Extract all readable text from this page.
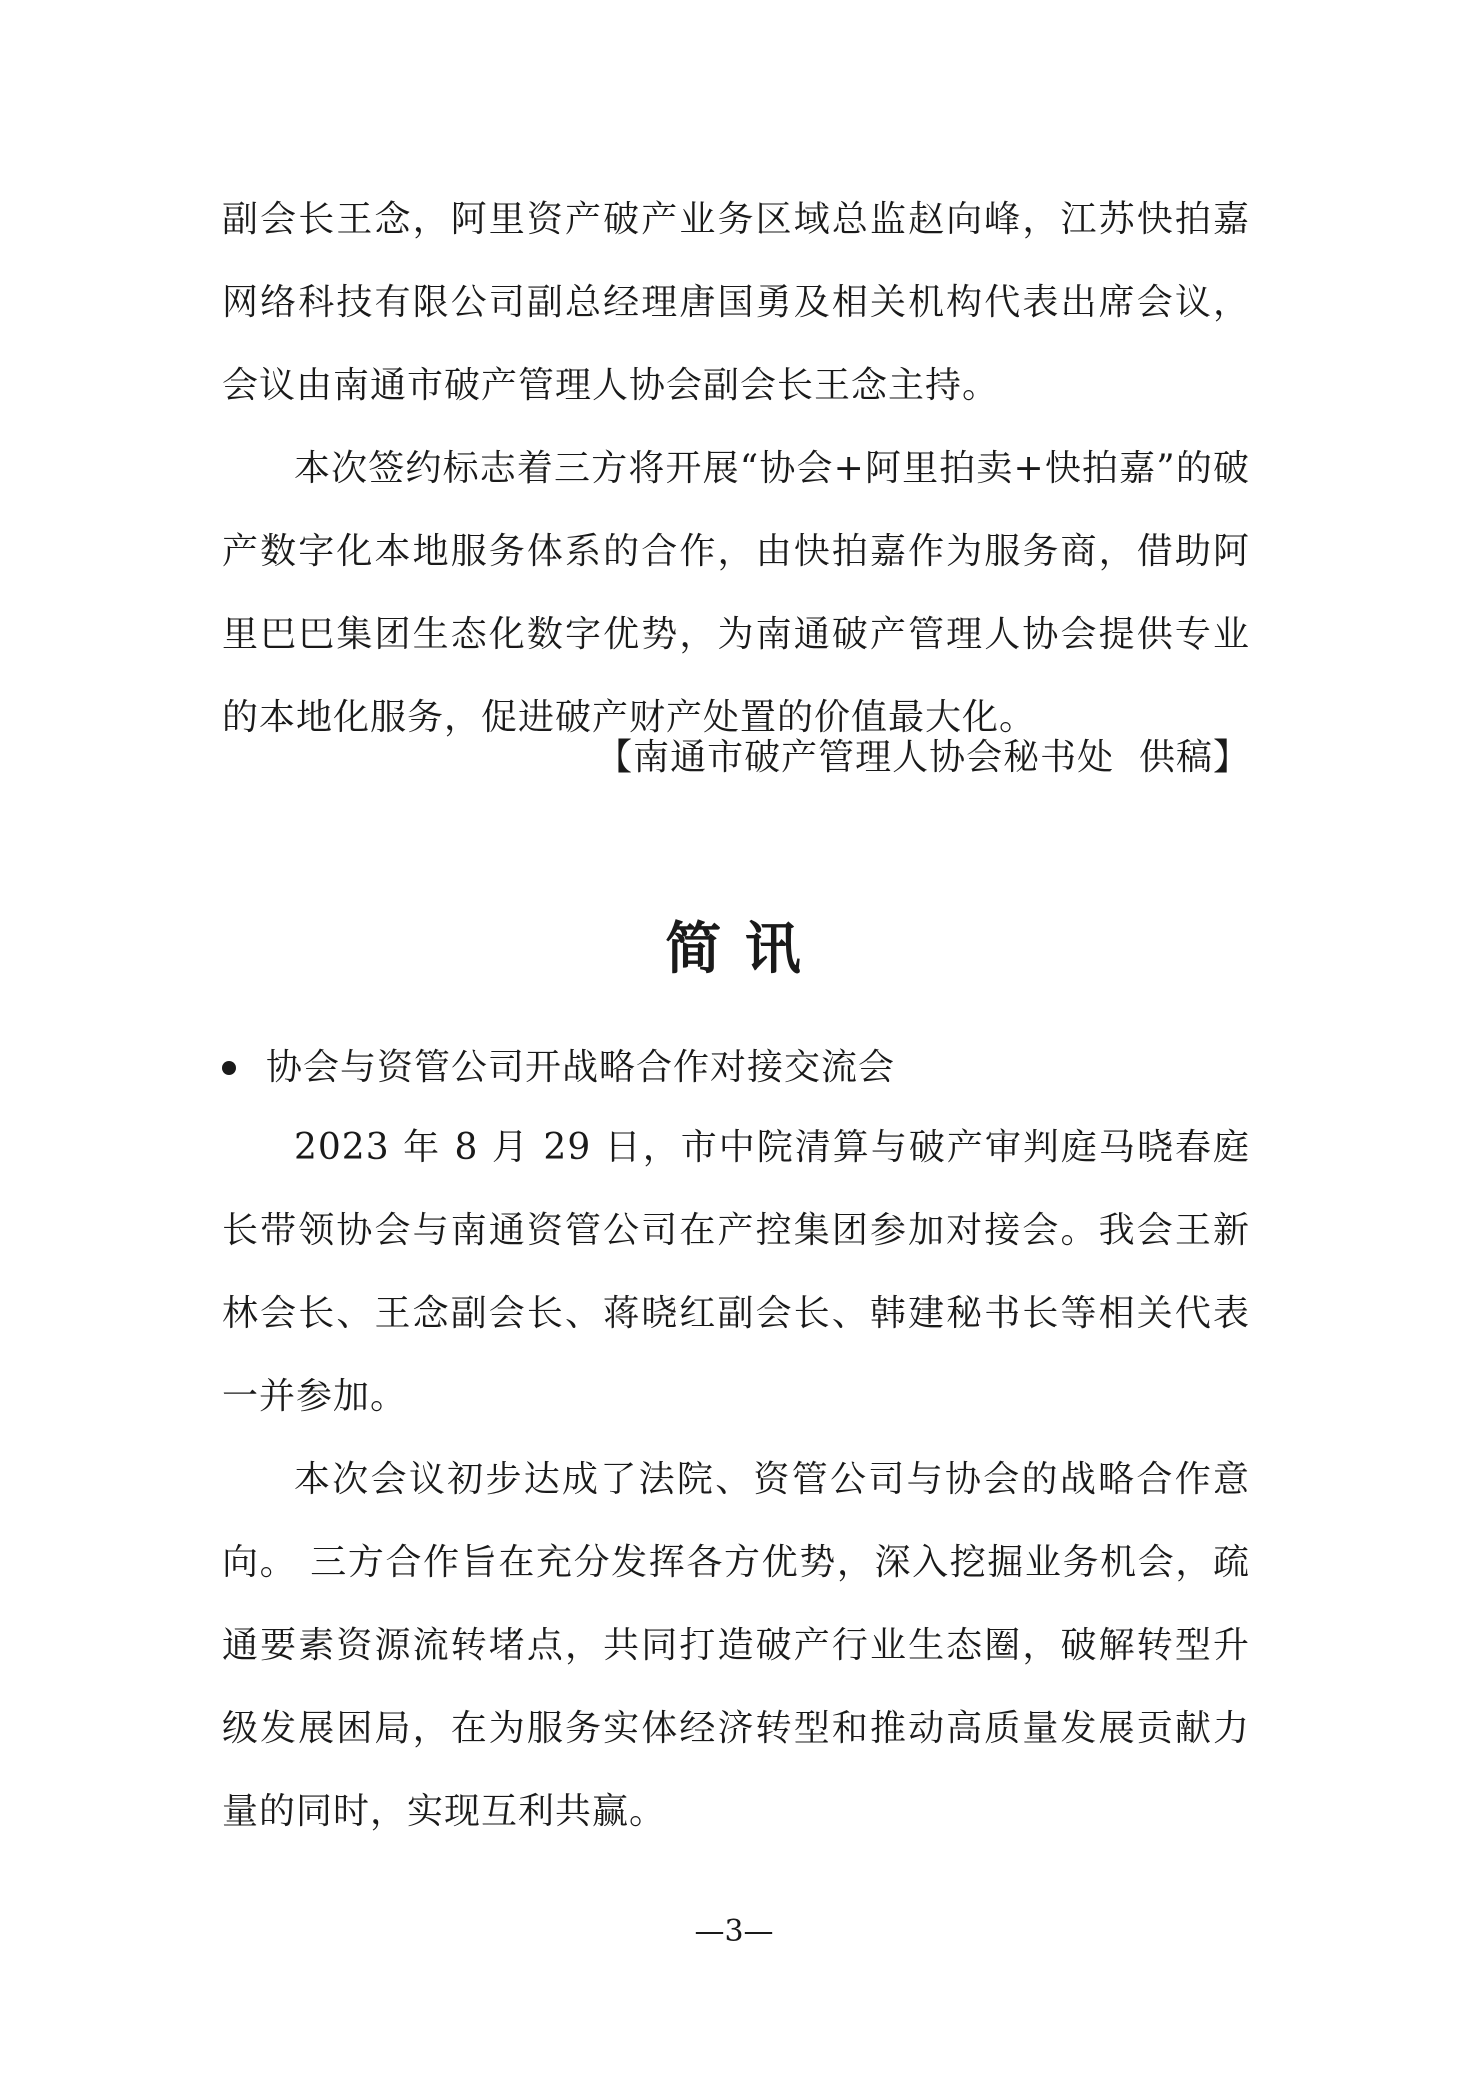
副会长王念，阿里资产破产业务区域总监赵向峰，江苏快拍嘉网络科技有限公司副总经理唐国勇及相关机构代表出席会议，会议由南通市破产管理人协会副会长王念主持。

本次签约标志着三方将开展“协会+阿里拍卖+快拍嘉”的破产数字化本地服务体系的合作，由快拍嘉作为服务商，借助阿里巴巴集团生态化数字优势，为南通破产管理人协会提供专业的本地化服务，促进破产财产处置的价值最大化。

【南通市破产管理人协会秘书处  供稿】
简 讯
协会与资管公司开战略合作对接交流会

2023 年 8 月 29 日，市中院清算与破产审判庭马晓春庭长带领协会与南通资管公司在产控集团参加对接会。我会王新林会长、王念副会长、蒋晓红副会长、韩建秘书长等相关代表一并参加。

本次会议初步达成了法院、资管公司与协会的战略合作意向。 三方合作旨在充分发挥各方优势，深入挖掘业务机会，疏通要素资源流转堵点，共同打造破产行业生态圈，破解转型升级发展困局，在为服务实体经济转型和推动高质量发展贡献力量的同时，实现互利共赢。

—3—
